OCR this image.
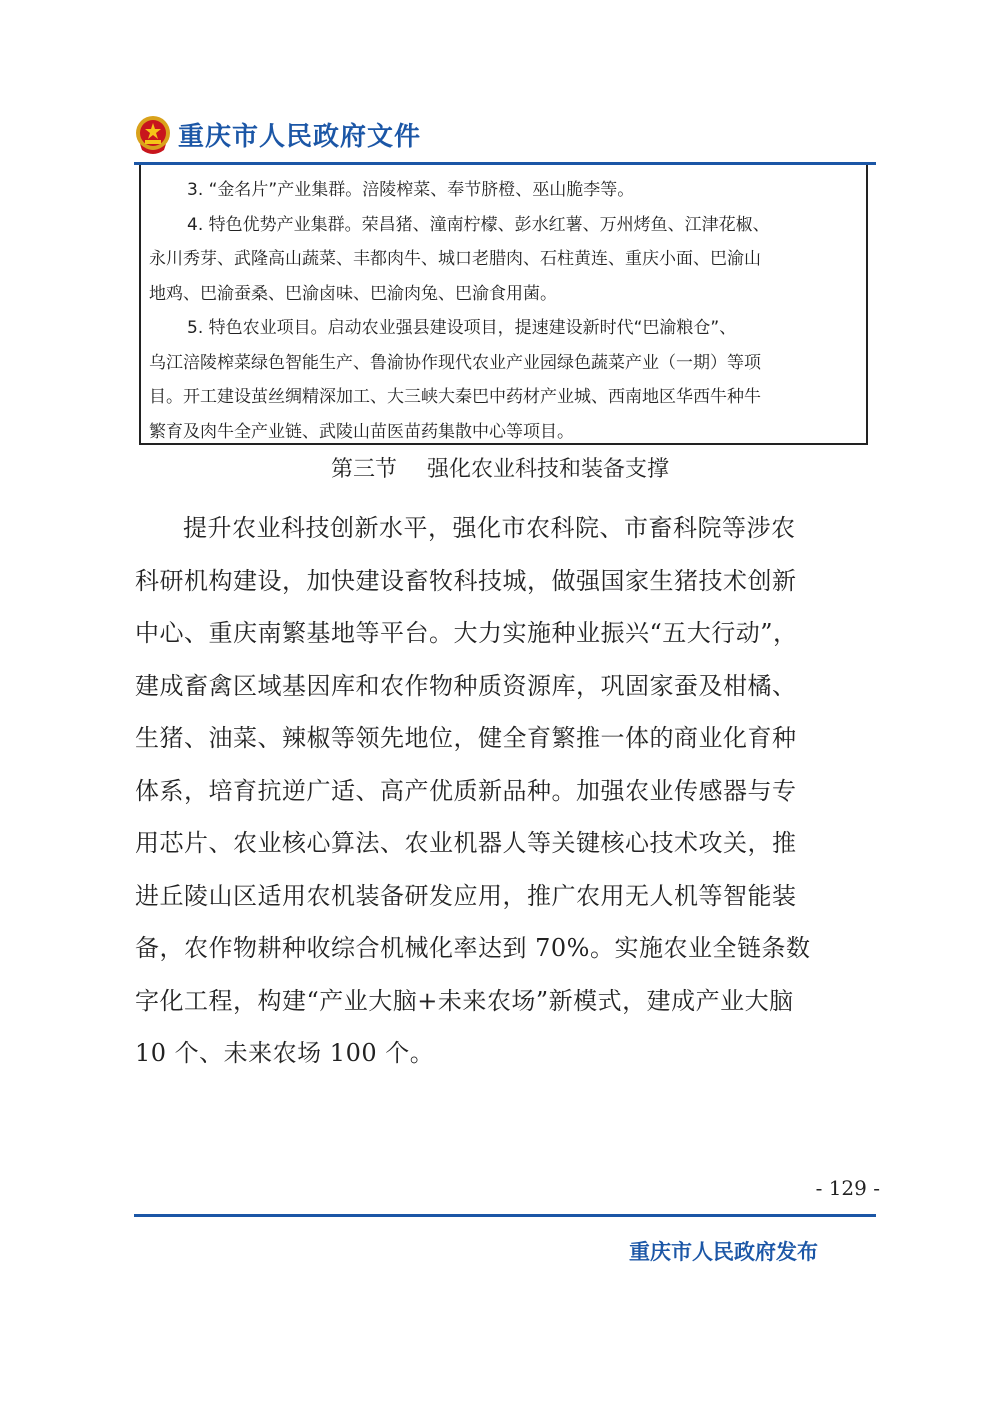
重庆市人民政府文件

3. “金名片”产业集群。涪陵榨菜、奉节脐橙、巫山脆李等。

4. 特色优势产业集群。荣昌猪、潼南柠檬、彭水红薯、万州烤鱼、江津花椒、

永川秀芽、武隆高山蔬菜、丰都肉牛、城口老腊肉、石柱黄连、重庆小面、巴渝山

地鸡、巴渝蚕桑、巴渝卤味、巴渝肉兔、巴渝食用菌。

5. 特色农业项目。启动农业强县建设项目，提速建设新时代“巴渝粮仓”、

乌江涪陵榨菜绿色智能生产、鲁渝协作现代农业产业园绿色蔬菜产业（一期）等项

目。开工建设茧丝绸精深加工、大三峡大秦巴中药材产业城、西南地区华西牛种牛

繁育及肉牛全产业链、武陵山苗医苗药集散中心等项目。

第三节 强化农业科技和装备支撑

提升农业科技创新水平，强化市农科院、市畜科院等涉农

科研机构建设，加快建设畜牧科技城，做强国家生猪技术创新

中心、重庆南繁基地等平台。大力实施种业振兴“五大行动”，

建成畜禽区域基因库和农作物种质资源库，巩固家蚕及柑橘、

生猪、油菜、辣椒等领先地位，健全育繁推一体的商业化育种

体系，培育抗逆广适、高产优质新品种。加强农业传感器与专

用芯片、农业核心算法、农业机器人等关键核心技术攻关，推

进丘陵山区适用农机装备研发应用，推广农用无人机等智能装

备，农作物耕种收综合机械化率达到 70%。实施农业全链条数

字化工程，构建“产业大脑+未来农场”新模式，建成产业大脑

10 个、未来农场 100 个。

- 129 -
重庆市人民政府发布
